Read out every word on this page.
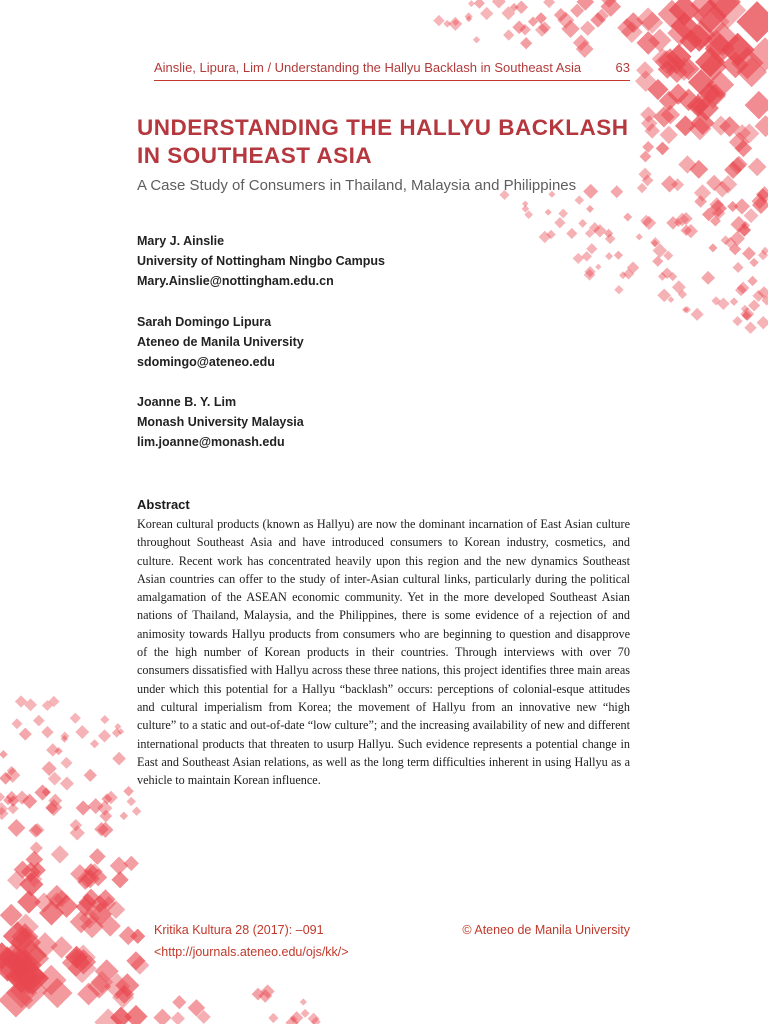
Ainslie, Lipura, Lim / Understanding the Hallyu Backlash in Southeast Asia	63
UNDERSTANDING THE HALLYU BACKLASH IN SOUTHEAST ASIA
A Case Study of Consumers in Thailand, Malaysia and Philippines
Mary J. Ainslie
University of Nottingham Ningbo Campus
Mary.Ainslie@nottingham.edu.cn
Sarah Domingo Lipura
Ateneo de Manila University
sdomingo@ateneo.edu
Joanne B. Y. Lim
Monash University Malaysia
lim.joanne@monash.edu
Abstract

Korean cultural products (known as Hallyu) are now the dominant incarnation of East Asian culture throughout Southeast Asia and have introduced consumers to Korean industry, cosmetics, and culture. Recent work has concentrated heavily upon this region and the new dynamics Southeast Asian countries can offer to the study of inter-Asian cultural links, particularly during the political amalgamation of the ASEAN economic community. Yet in the more developed Southeast Asian nations of Thailand, Malaysia, and the Philippines, there is some evidence of a rejection of and animosity towards Hallyu products from consumers who are beginning to question and disapprove of the high number of Korean products in their countries. Through interviews with over 70 consumers dissatisfied with Hallyu across these three nations, this project identifies three main areas under which this potential for a Hallyu “backlash” occurs: perceptions of colonial-esque attitudes and cultural imperialism from Korea; the movement of Hallyu from an innovative new “high culture” to a static and out-of-date “low culture”; and the increasing availability of new and different international products that threaten to usurp Hallyu. Such evidence represents a potential change in East and Southeast Asian relations, as well as the long term difficulties inherent in using Hallyu as a vehicle to maintain Korean influence.

Kritika Kultura 28 (2017): –091
<http://journals.ateneo.edu/ojs/kk/>
© Ateneo de Manila University
